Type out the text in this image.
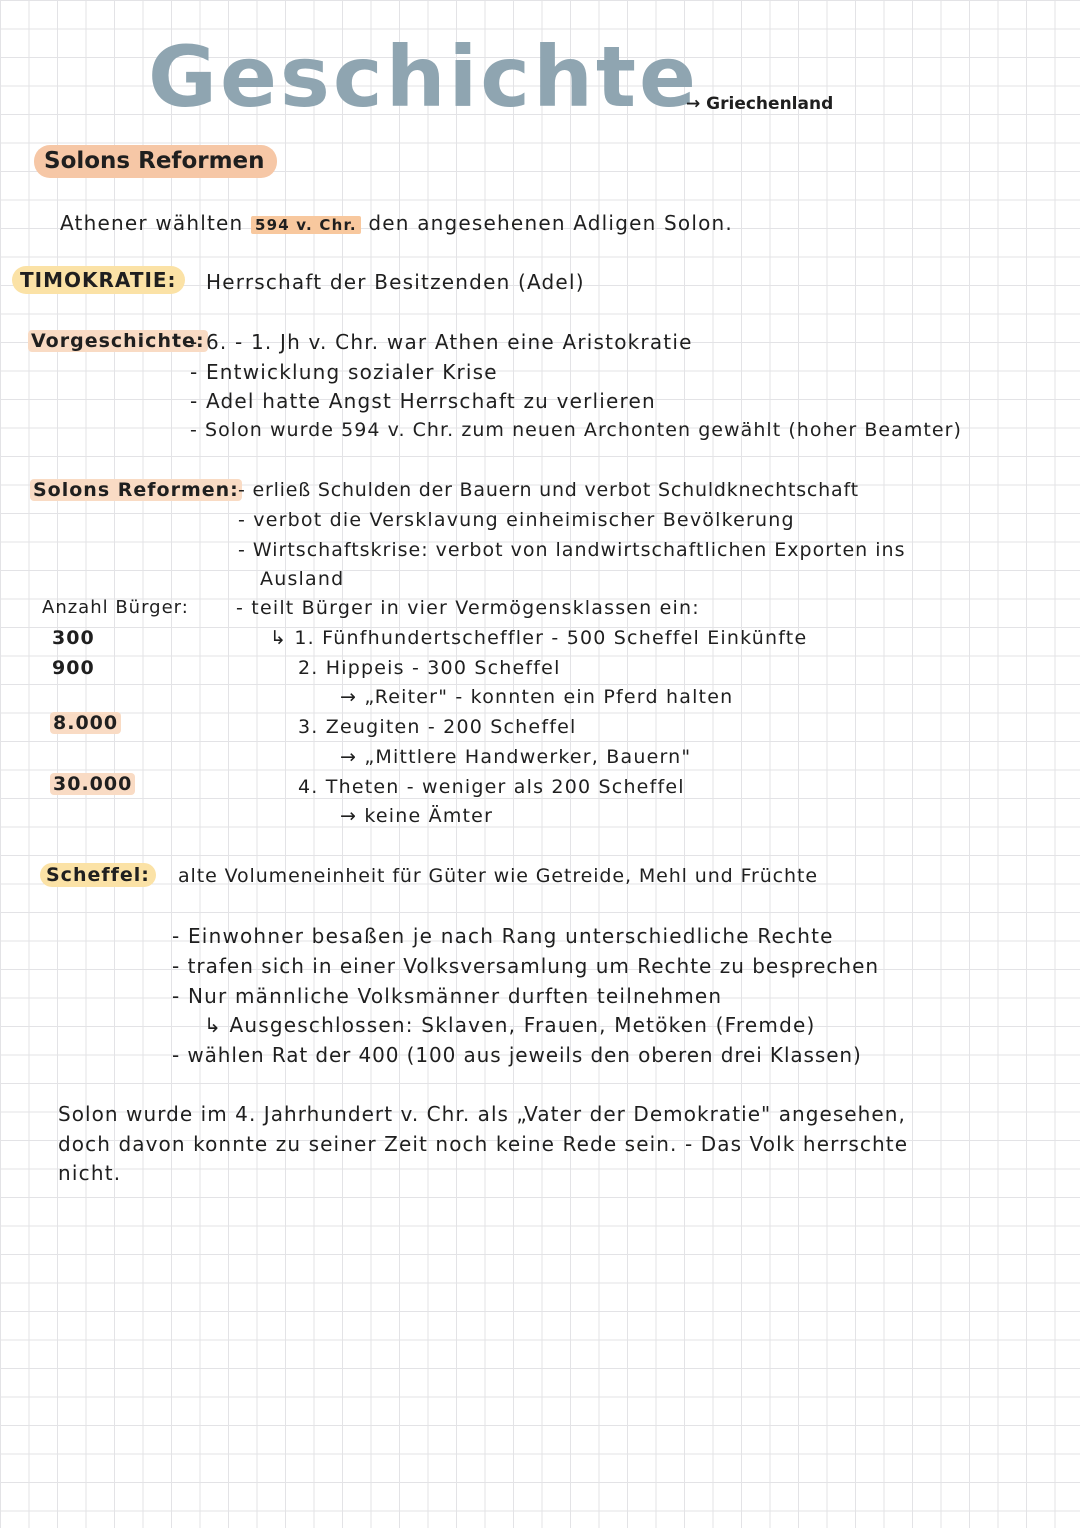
Geschichte
→ Griechenland
Solons Reformen
Athener wählten 594 v. Chr. den angesehenen Adligen Solon.
TIMOKRATIE:	Herrschaft der Besitzenden (Adel)
Vorgeschichte:
- 6. - 1. Jh v. Chr. war Athen eine Aristokratie
- Entwicklung sozialer Krise
- Adel hatte Angst Herrschaft zu verlieren
- Solon wurde 594 v. Chr. zum neuen Archonten gewählt (hoher Beamter)
Solons Reformen: - erließ Schulden der Bauern und verbot Schuldknechtschaft
- verbot die Versklavung einheimischer Bevölkerung
- Wirtschaftskrise: verbot von landwirtschaftlichen Exporten ins
Ausland
Anzahl Bürger: - teilt Bürger in vier Vermögensklassen ein:
300
900
8.000
30.000
↳ 1. Fünfhundertscheffler - 500 Scheffel Einkünfte
2. Hippeis - 300 Scheffel
→ „Reiter" - konnten ein Pferd halten
3. Zeugiten - 200 Scheffel
→ „Mittlere Handwerker, Bauern"
4. Theten - weniger als 200 Scheffel
→ keine Ämter
Scheffel:	alte Volumeneinheit für Güter wie Getreide, Mehl und Früchte
- Einwohner besaßen je nach Rang unterschiedliche Rechte
- trafen sich in einer Volksversamlung um Rechte zu besprechen
- Nur männliche Volksmänner durften teilnehmen
↳ Ausgeschlossen: Sklaven, Frauen, Metöken (Fremde)
- wählen Rat der 400 (100 aus jeweils den oberen drei Klassen)
Solon wurde im 4. Jahrhundert v. Chr. als „Vater der Demokratie" angesehen,
doch davon konnte zu seiner Zeit noch keine Rede sein. - Das Volk herrschte
nicht.
